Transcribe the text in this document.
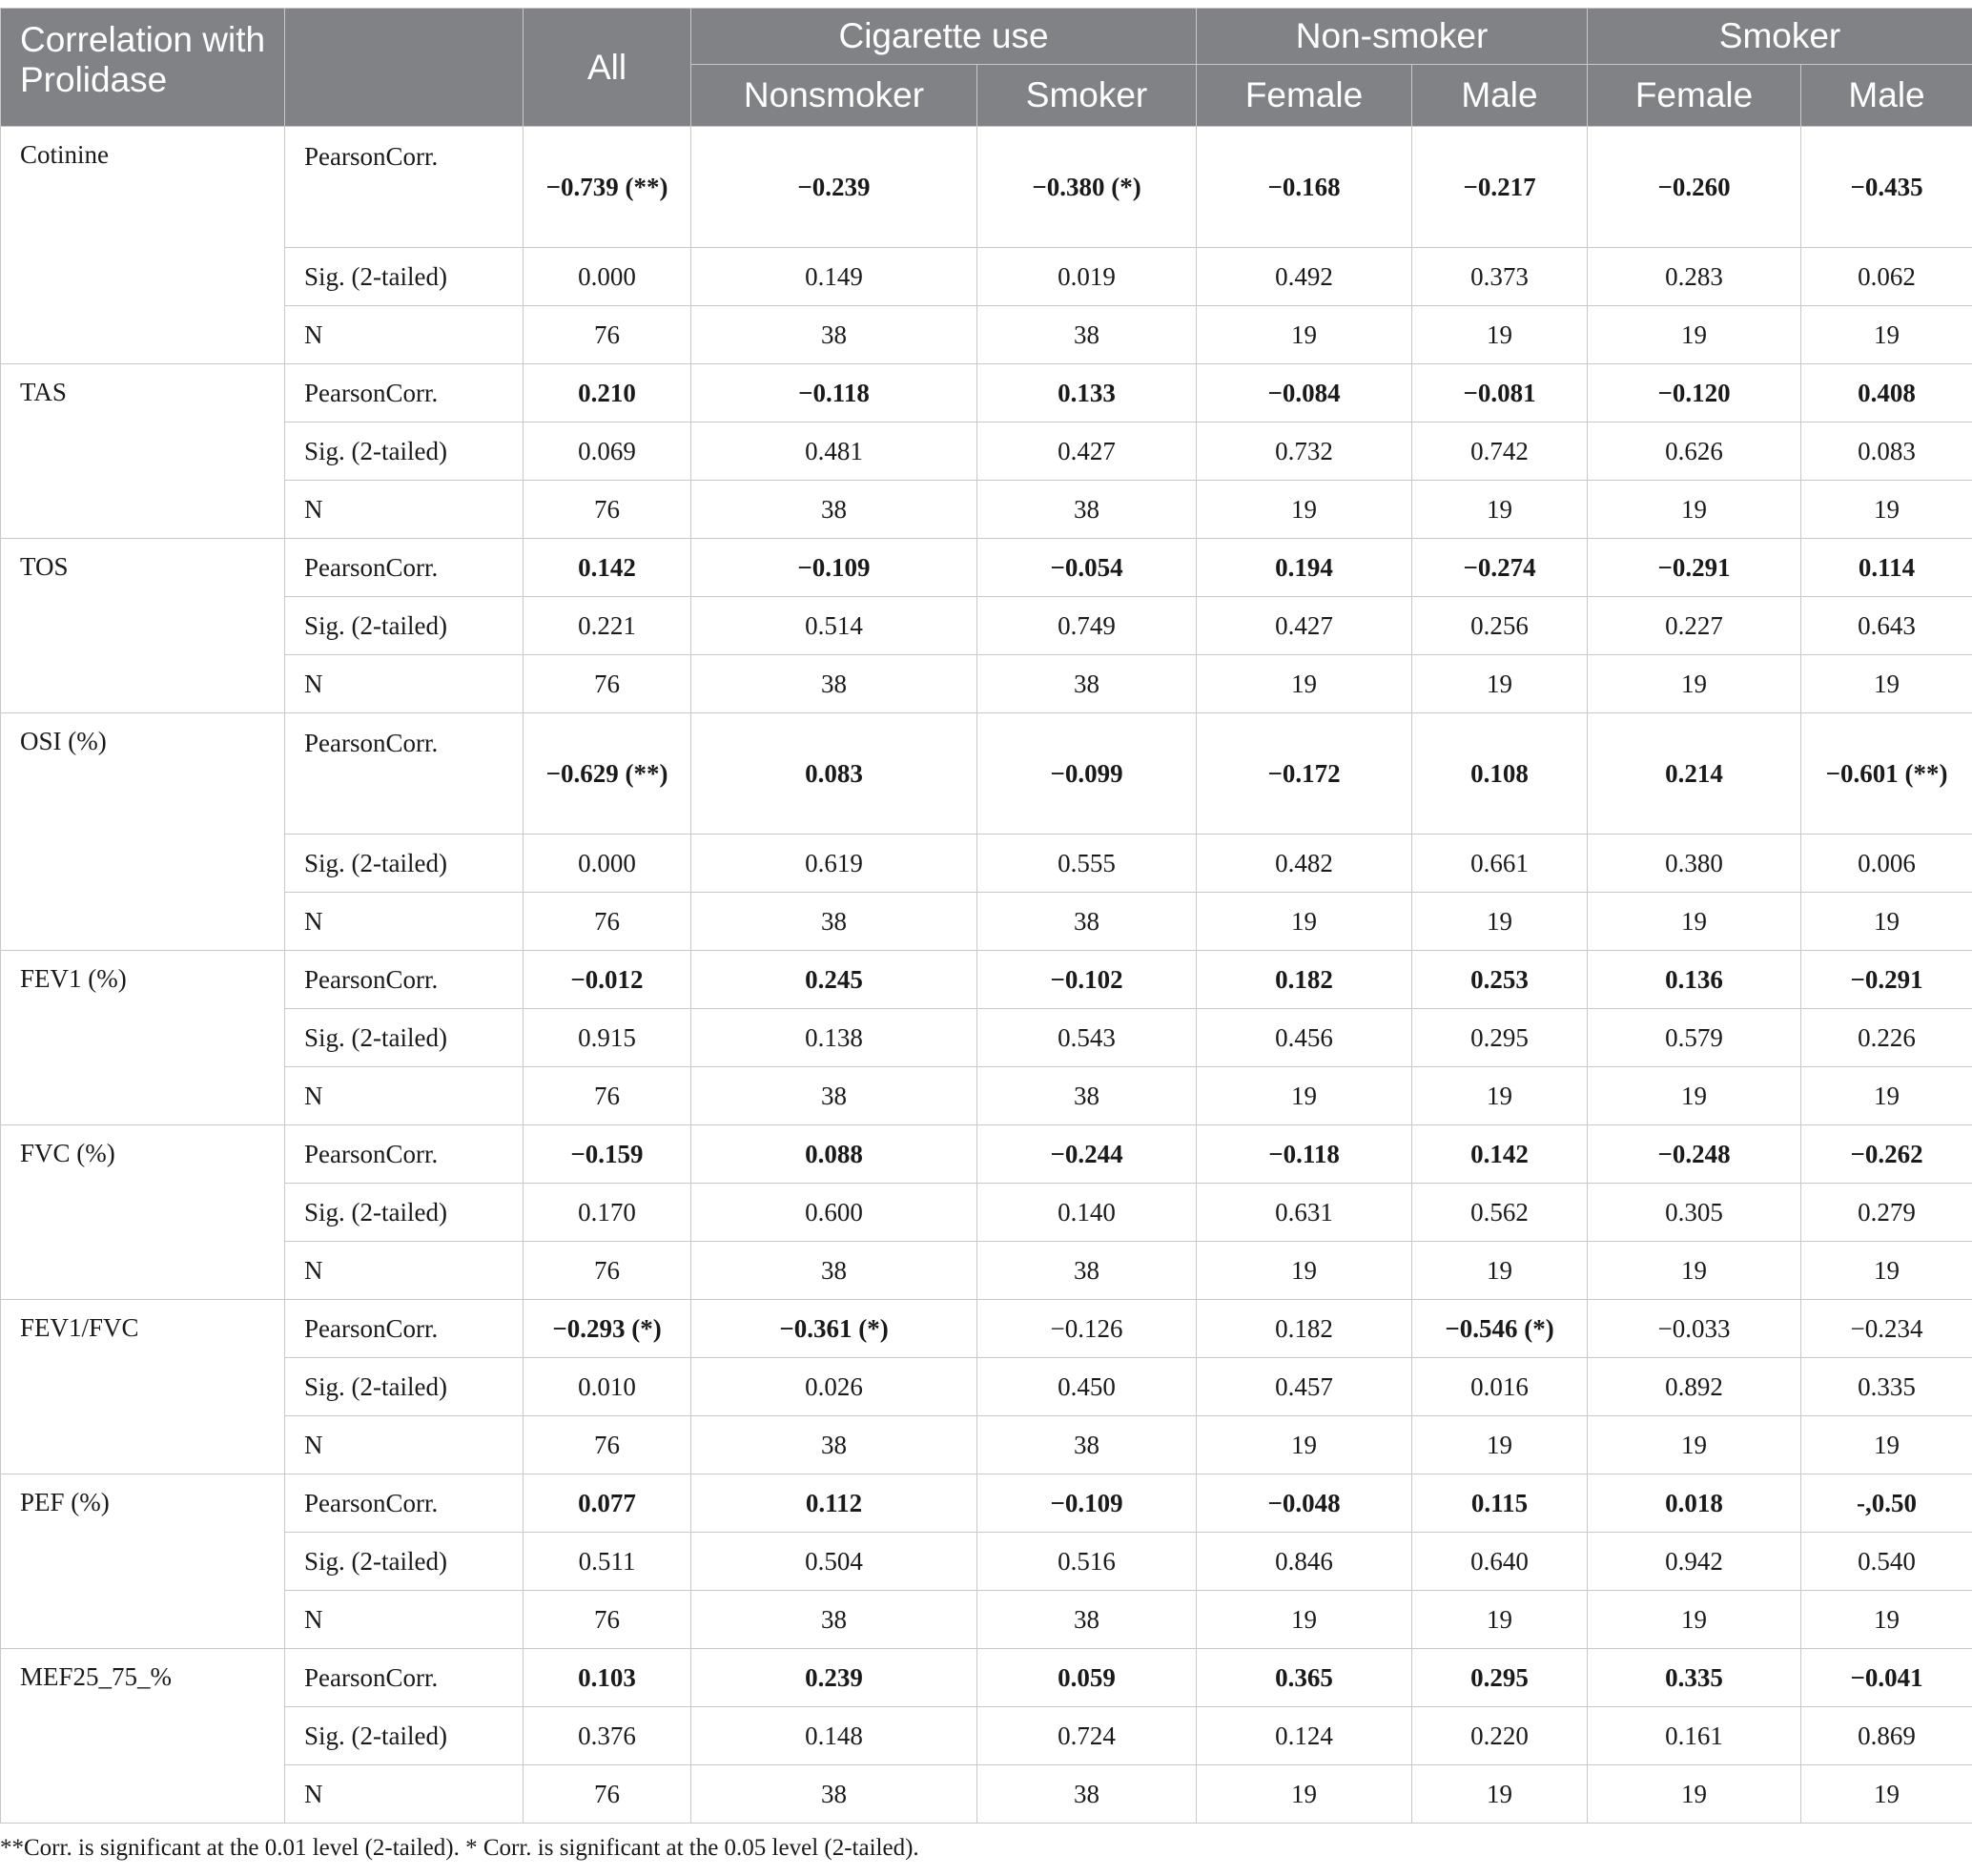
Correlation with Prolidase		All	Cigarette use		Non-smoker		Smoker	
			Nonsmoker	Smoker	Female	Male	Female	Male
Cotinine	PearsonCorr.	−0.739 (**)	−0.239	−0.380 (*)	−0.168	−0.217	−0.260	−0.435
	Sig. (2-tailed)	0.000	0.149	0.019	0.492	0.373	0.283	0.062
	N	76	38	38	19	19	19	19
TAS	PearsonCorr.	0.210	−0.118	0.133	−0.084	−0.081	−0.120	0.408
	Sig. (2-tailed)	0.069	0.481	0.427	0.732	0.742	0.626	0.083
	N	76	38	38	19	19	19	19
TOS	PearsonCorr.	0.142	−0.109	−0.054	0.194	−0.274	−0.291	0.114
	Sig. (2-tailed)	0.221	0.514	0.749	0.427	0.256	0.227	0.643
	N	76	38	38	19	19	19	19
OSI (%)	PearsonCorr.	−0.629 (**)	0.083	−0.099	−0.172	0.108	0.214	−0.601 (**)
	Sig. (2-tailed)	0.000	0.619	0.555	0.482	0.661	0.380	0.006
	N	76	38	38	19	19	19	19
FEV1 (%)	PearsonCorr.	−0.012	0.245	−0.102	0.182	0.253	0.136	−0.291
	Sig. (2-tailed)	0.915	0.138	0.543	0.456	0.295	0.579	0.226
	N	76	38	38	19	19	19	19
FVC (%)	PearsonCorr.	−0.159	0.088	−0.244	−0.118	0.142	−0.248	−0.262
	Sig. (2-tailed)	0.170	0.600	0.140	0.631	0.562	0.305	0.279
	N	76	38	38	19	19	19	19
FEV1/FVC	PearsonCorr.	−0.293 (*)	−0.361 (*)	−0.126	0.182	−0.546 (*)	−0.033	−0.234
	Sig. (2-tailed)	0.010	0.026	0.450	0.457	0.016	0.892	0.335
	N	76	38	38	19	19	19	19
PEF (%)	PearsonCorr.	0.077	0.112	−0.109	−0.048	0.115	0.018	-,0.50
	Sig. (2-tailed)	0.511	0.504	0.516	0.846	0.640	0.942	0.540
	N	76	38	38	19	19	19	19
MEF25_75_%	PearsonCorr.	0.103	0.239	0.059	0.365	0.295	0.335	−0.041
	Sig. (2-tailed)	0.376	0.148	0.724	0.124	0.220	0.161	0.869
	N	76	38	38	19	19	19	19
**Corr. is significant at the 0.01 level (2-tailed). * Corr. is significant at the 0.05 level (2-tailed).
